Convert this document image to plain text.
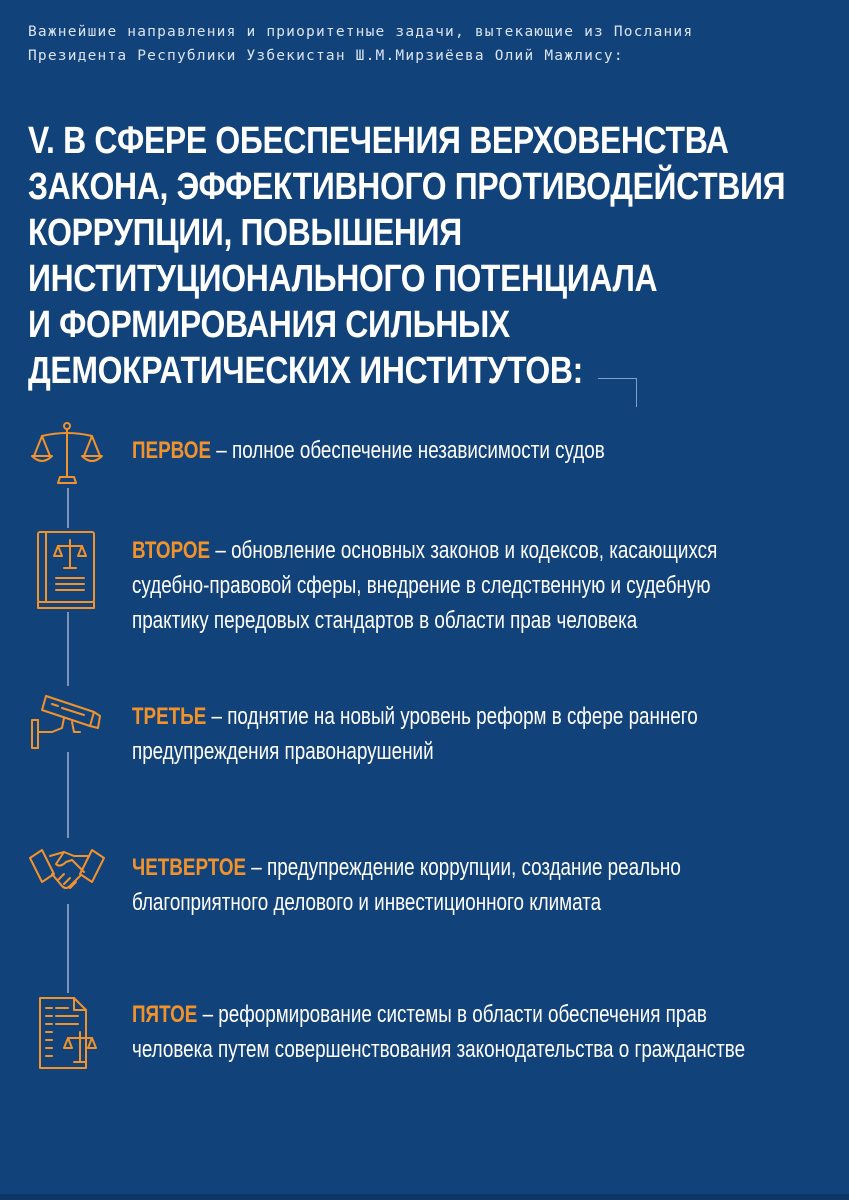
Важнейшие направления и приоритетные задачи, вытекающие из Послания
Президента Республики Узбекистан Ш.М.Мирзиёева Олий Мажлису:
V. В СФЕРЕ ОБЕСПЕЧЕНИЯ ВЕРХОВЕНСТВА
ЗАКОНА, ЭФФЕКТИВНОГО ПРОТИВОДЕЙСТВИЯ
КОРРУПЦИИ, ПОВЫШЕНИЯ
ИНСТИТУЦИОНАЛЬНОГО ПОТЕНЦИАЛА
И ФОРМИРОВАНИЯ СИЛЬНЫХ
ДЕМОКРАТИЧЕСКИХ ИНСТИТУТОВ:
ПЕРВОЕ – полное обеспечение независимости судов
ВТОРОЕ – обновление основных законов и кодексов, касающихся
судебно-правовой сферы, внедрение в следственную и судебную
практику передовых стандартов в области прав человека
ТРЕТЬЕ – поднятие на новый уровень реформ в сфере раннего
предупреждения правонарушений
ЧЕТВЕРТОЕ – предупреждение коррупции, создание реально
благоприятного делового и инвестиционного климата
ПЯТОЕ – реформирование системы в области обеспечения прав
человека путем совершенствования законодательства о гражданстве
